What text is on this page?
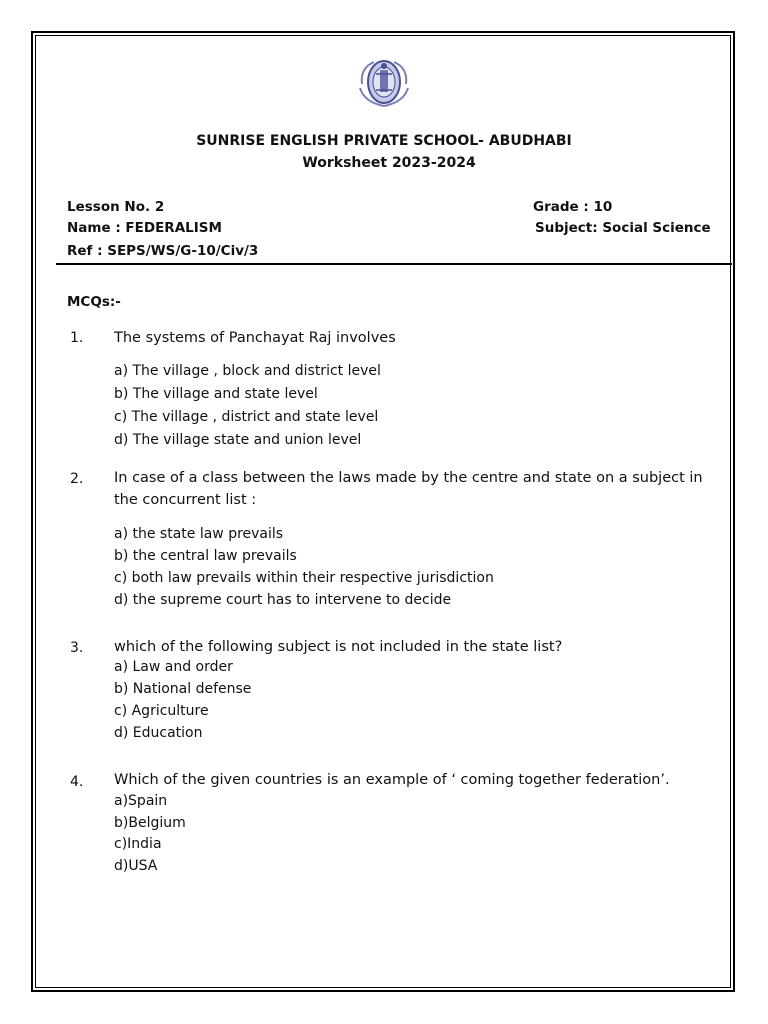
SUNRISE ENGLISH PRIVATE SCHOOL- ABUDHABI
Worksheet 2023-2024
Lesson No. 2
Name : FEDERALISM
Ref : SEPS/WS/G-10/Civ/3
Grade : 10
Subject: Social Science
MCQs:-
1. The systems of Panchayat Raj involves
a) The village , block and district level
b) The village and state level
c) The village , district and state level
d) The village state and union level
2. In case of a class between the laws made by the centre and state on a subject in the concurrent list :
a) the state law prevails
b) the central law prevails
c) both law prevails within their respective jurisdiction
d) the supreme court has to intervene to decide
3. which of the following subject is not included in the state list?
a) Law and order
b) National defense
c) Agriculture
d) Education
4. Which of the given countries is an example of ‘ coming together federation’.
a)Spain
b)Belgium
c)India
d)USA
